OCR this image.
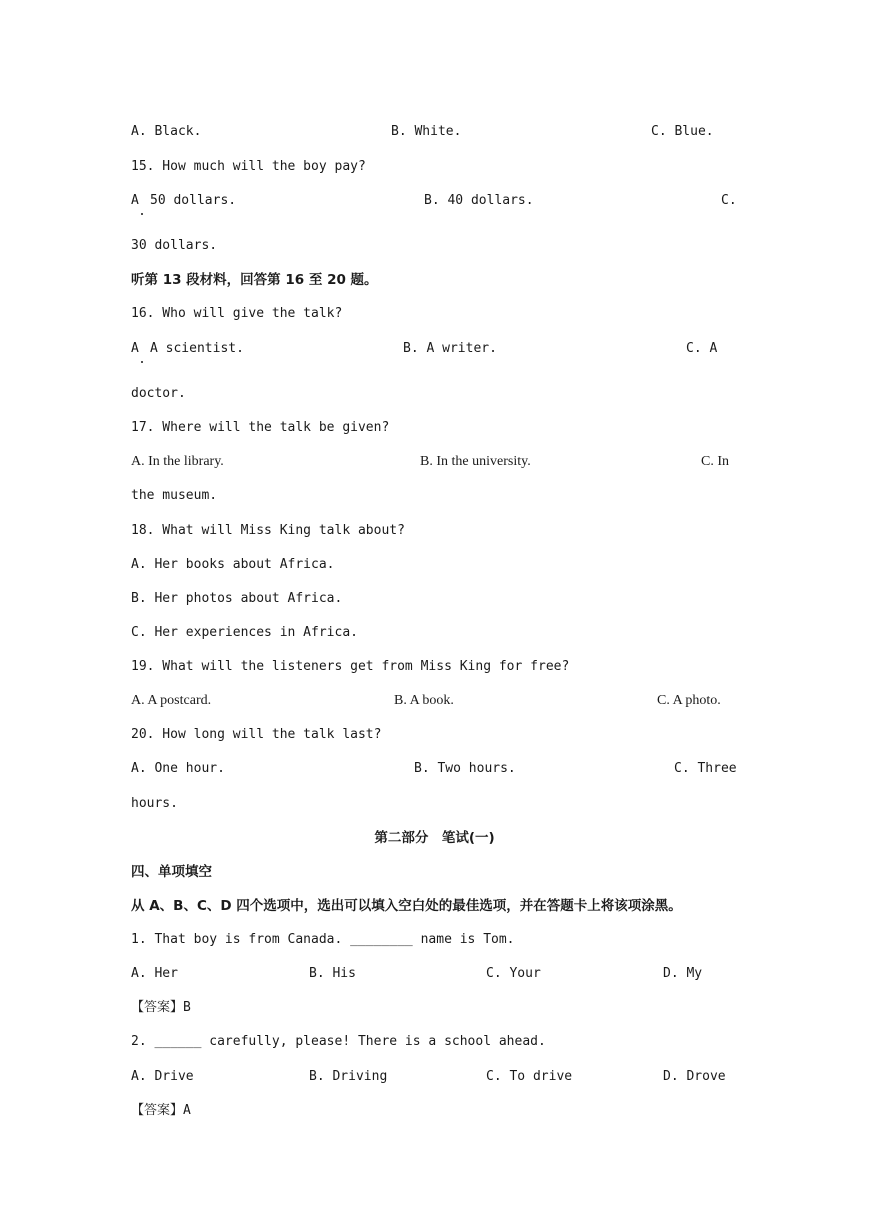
A. Black.	B. White.	C. Blue.
15. How much will the boy pay?
A 50 dollars.	B. 40 dollars.	C.
30 dollars.
听第 13 段材料，回答第 16 至 20 题。
16. Who will give the talk?
A A scientist.	B. A writer.	C. A
doctor.
17. Where will the talk be given?
A. In the library.	B. In the university.	C. In
the museum.
18. What will Miss King talk about?
A. Her books about Africa.
B. Her photos about Africa.
C. Her experiences in Africa.
19. What will the listeners get from Miss King for free?
A. A postcard.	B. A book.	C. A photo.
20. How long will the talk last?
A. One hour.	B. Two hours.	C. Three
hours.
第二部分　笔试(一)
四、单项填空
从 A、B、C、D 四个选项中，选出可以填入空白处的最佳选项，并在答题卡上将该项涂黑。
1. That boy is from Canada. ________ name is Tom.
A. Her	B. His	C. Your	D. My
【答案】B
2. ______ carefully, please! There is a school ahead.
A. Drive	B. Driving	C. To drive	D. Drove
【答案】A
